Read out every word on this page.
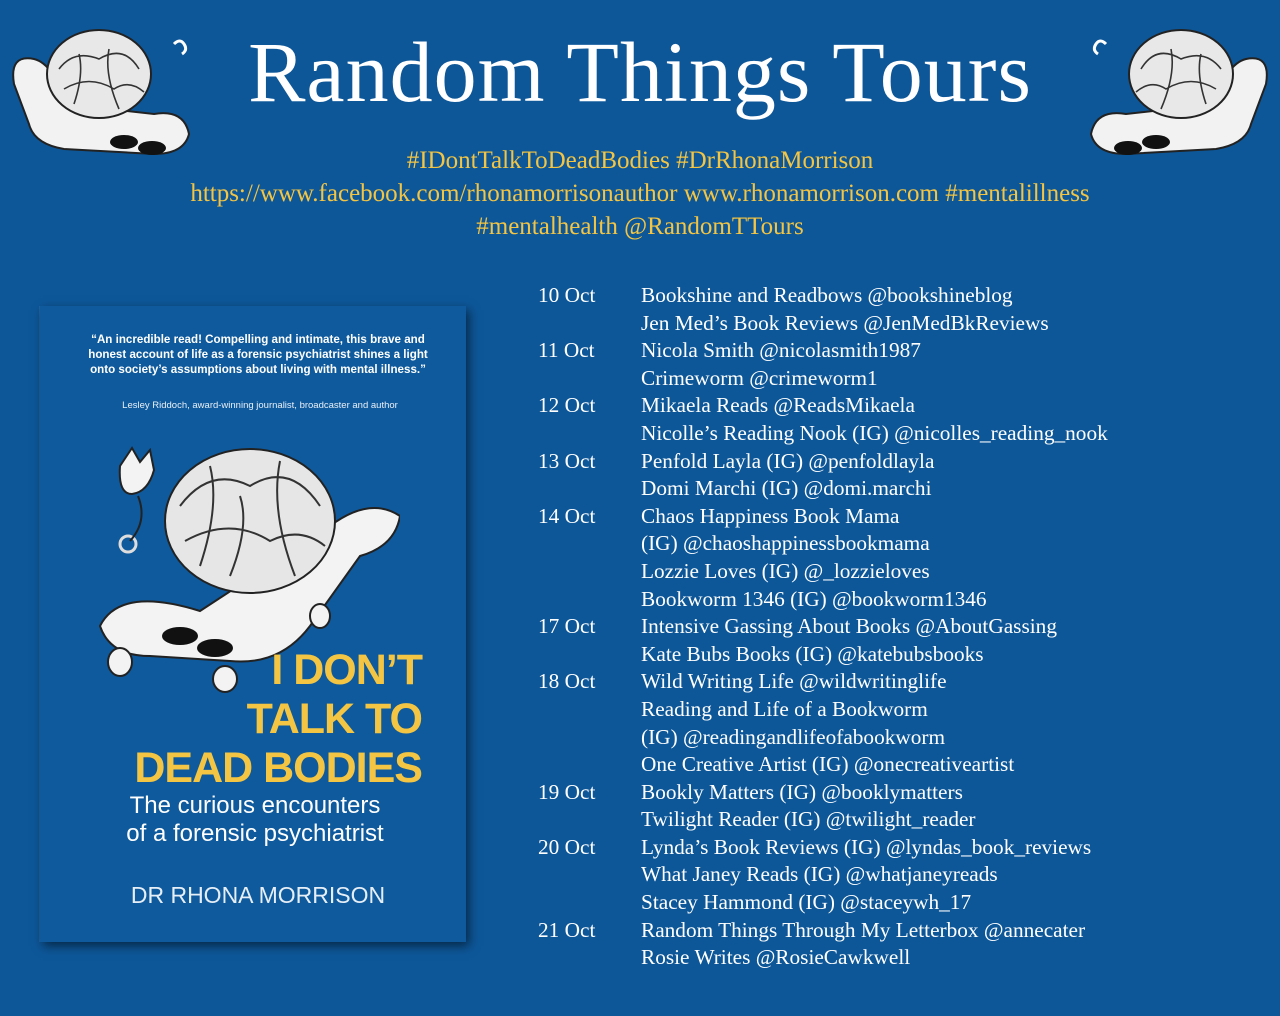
Random Things Tours
#IDontTalkToDeadBodies #DrRhonaMorrison
https://www.facebook.com/rhonamorrisonauthor www.rhonamorrison.com #mentalillness
#mentalhealth @RandomTTours
“An incredible read! Compelling and intimate, this brave and honest account of life as a forensic psychiatrist shines a light onto society’s assumptions about living with mental illness.”
Lesley Riddoch, award-winning journalist, broadcaster and author
I DON’T
TALK TO
DEAD BODIES
The curious encounters
of a forensic psychiatrist
DR RHONA MORRISON
10 Oct	Bookshine and Readbows @bookshineblog
Jen Med’s Book Reviews @JenMedBkReviews
11 Oct	Nicola Smith @nicolasmith1987
Crimeworm @crimeworm1
12 Oct	Mikaela Reads @ReadsMikaela
Nicolle’s Reading Nook (IG) @nicolles_reading_nook
13 Oct	Penfold Layla (IG) @penfoldlayla
Domi Marchi (IG) @domi.marchi
14 Oct	Chaos Happiness Book Mama
(IG) @chaoshappinessbookmama
Lozzie Loves (IG) @_lozzieloves
Bookworm 1346 (IG) @bookworm1346
17 Oct	Intensive Gassing About Books @AboutGassing
Kate Bubs Books (IG) @katebubsbooks
18 Oct	Wild Writing Life @wildwritinglife
Reading and Life of a Bookworm
(IG) @readingandlifeofabookworm
One Creative Artist (IG) @onecreativeartist
19 Oct	Bookly Matters (IG) @booklymatters
Twilight Reader (IG) @twilight_reader
20 Oct	Lynda’s Book Reviews (IG) @lyndas_book_reviews
What Janey Reads (IG) @whatjaneyreads
Stacey Hammond (IG) @staceywh_17
21 Oct	Random Things Through My Letterbox @annecater
Rosie Writes @RosieCawkwell
